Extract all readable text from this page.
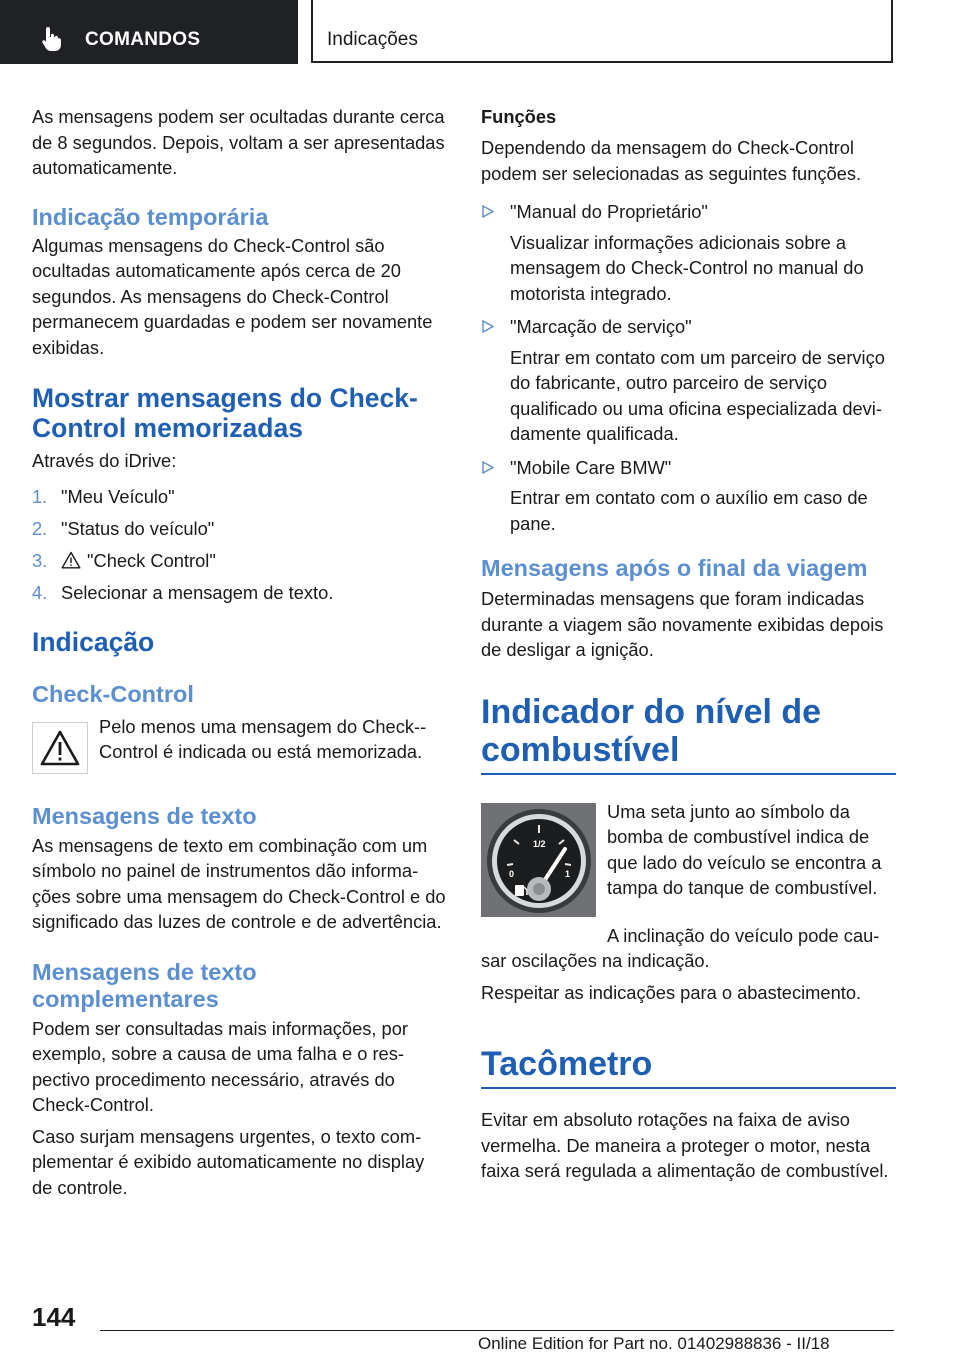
COMANDOS	Indicações

As mensagens podem ser ocultadas durante cerca de 8 segundos. Depois, voltam a ser apresentadas automaticamente.

Indicação temporária

Algumas mensagens do Check-Control são ocultadas automaticamente após cerca de 20 segundos. As mensagens do Check-Control permanecem guardadas e podem ser novamente exibidas.

Mostrar mensagens do Check-Control memorizadas

Através do iDrive:

1. "Meu Veículo"
2. "Status do veículo"
3. "Check Control"
4. Selecionar a mensagem de texto.
Indicação
Check-Control
Pelo menos uma mensagem do Check--Control é indicada ou está memorizada.
Mensagens de texto

As mensagens de texto em combinação com um símbolo no painel de instrumentos dão informações sobre uma mensagem do Check-Control e do significado das luzes de controle e de advertência.

Mensagens de texto complementares

Podem ser consultadas mais informações, por exemplo, sobre a causa de uma falha e o respectivo procedimento necessário, através do Check-Control.

Caso surjam mensagens urgentes, o texto complementar é exibido automaticamente no display de controle.

Funções

Dependendo da mensagem do Check-Control podem ser selecionadas as seguintes funções.

"Manual do Proprietário"
Visualizar informações adicionais sobre a mensagem do Check-Control no manual do motorista integrado.
"Marcação de serviço"
Entrar em contato com um parceiro de serviço do fabricante, outro parceiro de serviço qualificado ou uma oficina especializada devidamente qualificada.
"Mobile Care BMW"
Entrar em contato com o auxílio em caso de pane.
Mensagens após o final da viagem

Determinadas mensagens que foram indicadas durante a viagem são novamente exibidas depois de desligar a ignição.

Indicador do nível de combustível
1/2
0	1

Uma seta junto ao símbolo da bomba de combustível indica de que lado do veículo se encontra a tampa do tanque de combustível.

A inclinação do veículo pode causar oscilações na indicação.

Respeitar as indicações para o abastecimento.

Tacômetro

Evitar em absoluto rotações na faixa de aviso vermelha. De maneira a proteger o motor, nesta faixa será regulada a alimentação de combustível.

144
Online Edition for Part no. 01402988836 - II/18
